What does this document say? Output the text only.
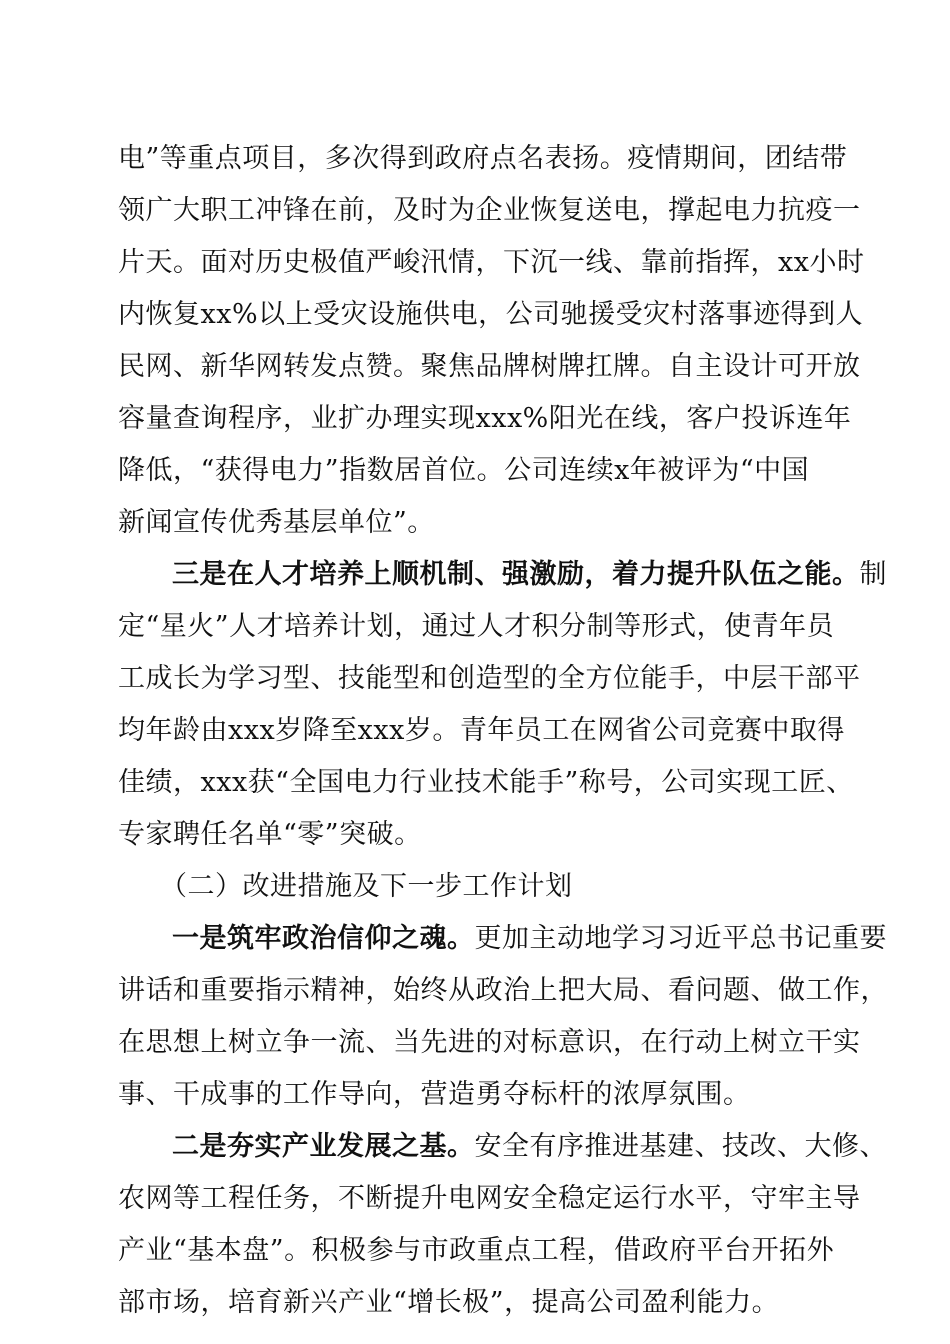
电”等重点项目，多次得到政府点名表扬。疫情期间，团结带
领广大职工冲锋在前，及时为企业恢复送电，撑起电力抗疫一
片天。面对历史极值严峻汛情，下沉一线、靠前指挥，xx小时
内恢复xx%以上受灾设施供电，公司驰援受灾村落事迹得到人
民网、新华网转发点赞。聚焦品牌树牌扛牌。自主设计可开放
容量查询程序，业扩办理实现xxx%阳光在线，客户投诉连年
降低，“获得电力”指数居首位。公司连续x年被评为“中国
新闻宣传优秀基层单位”。
三是在人才培养上顺机制、强激励，着力提升队伍之能。制
定“星火”人才培养计划，通过人才积分制等形式，使青年员
工成长为学习型、技能型和创造型的全方位能手，中层干部平
均年龄由xxx岁降至xxx岁。青年员工在网省公司竞赛中取得
佳绩，xxx获“全国电力行业技术能手”称号，公司实现工匠、
专家聘任名单“零”突破。
（二）改进措施及下一步工作计划
一是筑牢政治信仰之魂。更加主动地学习习近平总书记重要
讲话和重要指示精神，始终从政治上把大局、看问题、做工作，
在思想上树立争一流、当先进的对标意识，在行动上树立干实
事、干成事的工作导向，营造勇夺标杆的浓厚氛围。
二是夯实产业发展之基。安全有序推进基建、技改、大修、
农网等工程任务，不断提升电网安全稳定运行水平，守牢主导
产业“基本盘”。积极参与市政重点工程，借政府平台开拓外
部市场，培育新兴产业“增长极”，提高公司盈利能力。
